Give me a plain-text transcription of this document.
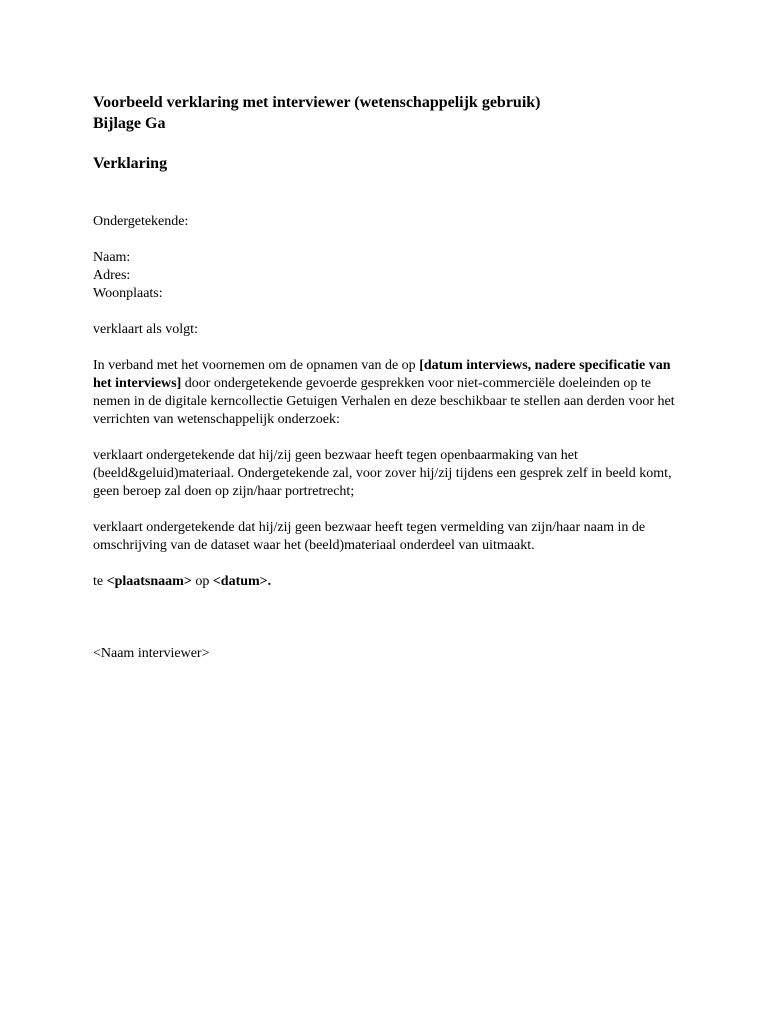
Voorbeeld verklaring met interviewer (wetenschappelijk gebruik)
Bijlage Ga

Verklaring

Ondergetekende:

Naam:
Adres:
Woonplaats:

verklaart als volgt:

In verband met het voornemen om de opnamen van de op [datum interviews, nadere specificatie van het interviews] door ondergetekende gevoerde gesprekken voor niet-commerciële doeleinden op te nemen in de digitale kerncollectie Getuigen Verhalen en deze beschikbaar te stellen aan derden voor het verrichten van wetenschappelijk onderzoek:

verklaart ondergetekende dat hij/zij geen bezwaar heeft tegen openbaarmaking van het (beeld&geluid)materiaal. Ondergetekende zal, voor zover hij/zij tijdens een gesprek zelf in beeld komt, geen beroep zal doen op zijn/haar portretrecht;

verklaart ondergetekende dat hij/zij geen bezwaar heeft tegen vermelding van zijn/haar naam in de omschrijving van de dataset waar het (beeld)materiaal onderdeel van uitmaakt.

te <plaatsnaam> op <datum>.

<Naam interviewer>
